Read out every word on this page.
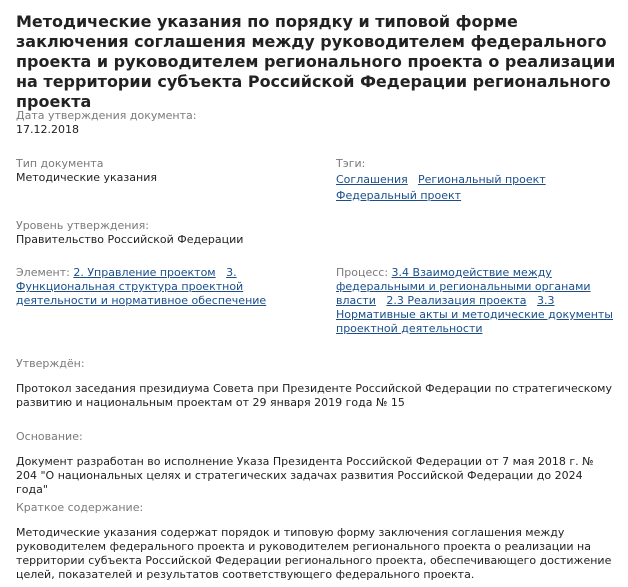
Методические указания по порядку и типовой форме заключения соглашения между руководителем федерального проекта и руководителем регионального проекта о реализации на территории субъекта Российской Федерации регионального проекта
Дата утверждения документа:
17.12.2018
Тип документа
Методические указания
Тэги:
Соглашения Региональный проект
Федеральный проект
Уровень утверждения:
Правительство Российской Федерации
Элемент: 2. Управление проектом 3. Функциональная структура проектной деятельности и нормативное обеспечение
Процесс: 3.4 Взаимодействие между федеральными и региональными органами власти 2.3 Реализация проекта 3.3 Нормативные акты и методические документы проектной деятельности
Утверждён:
Протокол заседания президиума Совета при Президенте Российской Федерации по стратегическому развитию и национальным проектам от 29 января 2019 года № 15
Основание:
Документ разработан во исполнение Указа Президента Российской Федерации от 7 мая 2018 г. № 204 "О национальных целях и стратегических задачах развития Российской Федерации до 2024 года"
Краткое содержание:
Методические указания содержат порядок и типовую форму заключения соглашения между руководителем федерального проекта и руководителем регионального проекта о реализации на территории субъекта Российской Федерации регионального проекта, обеспечивающего достижение целей, показателей и результатов соответствующего федерального проекта.
